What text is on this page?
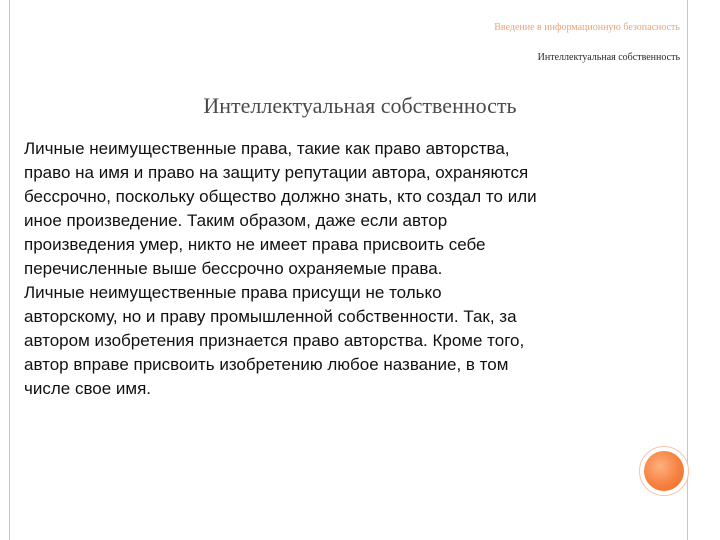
Введение в информационную безопасность
Интеллектуальная собственность
Интеллектуальная собственность

Личные неимущественные права, такие как право авторства,

право на имя и право на защиту репутации автора, охраняются

бессрочно, поскольку общество должно знать, кто создал то или

иное произведение. Таким образом, даже если автор

произведения умер, никто не имеет права присвоить себе

перечисленные выше бессрочно охраняемые права.

Личные неимущественные права присущи не только

авторскому, но и праву промышленной собственности. Так, за

автором изобретения признается право авторства. Кроме того,

автор вправе присвоить изобретению любое название, в том

числе свое имя.
